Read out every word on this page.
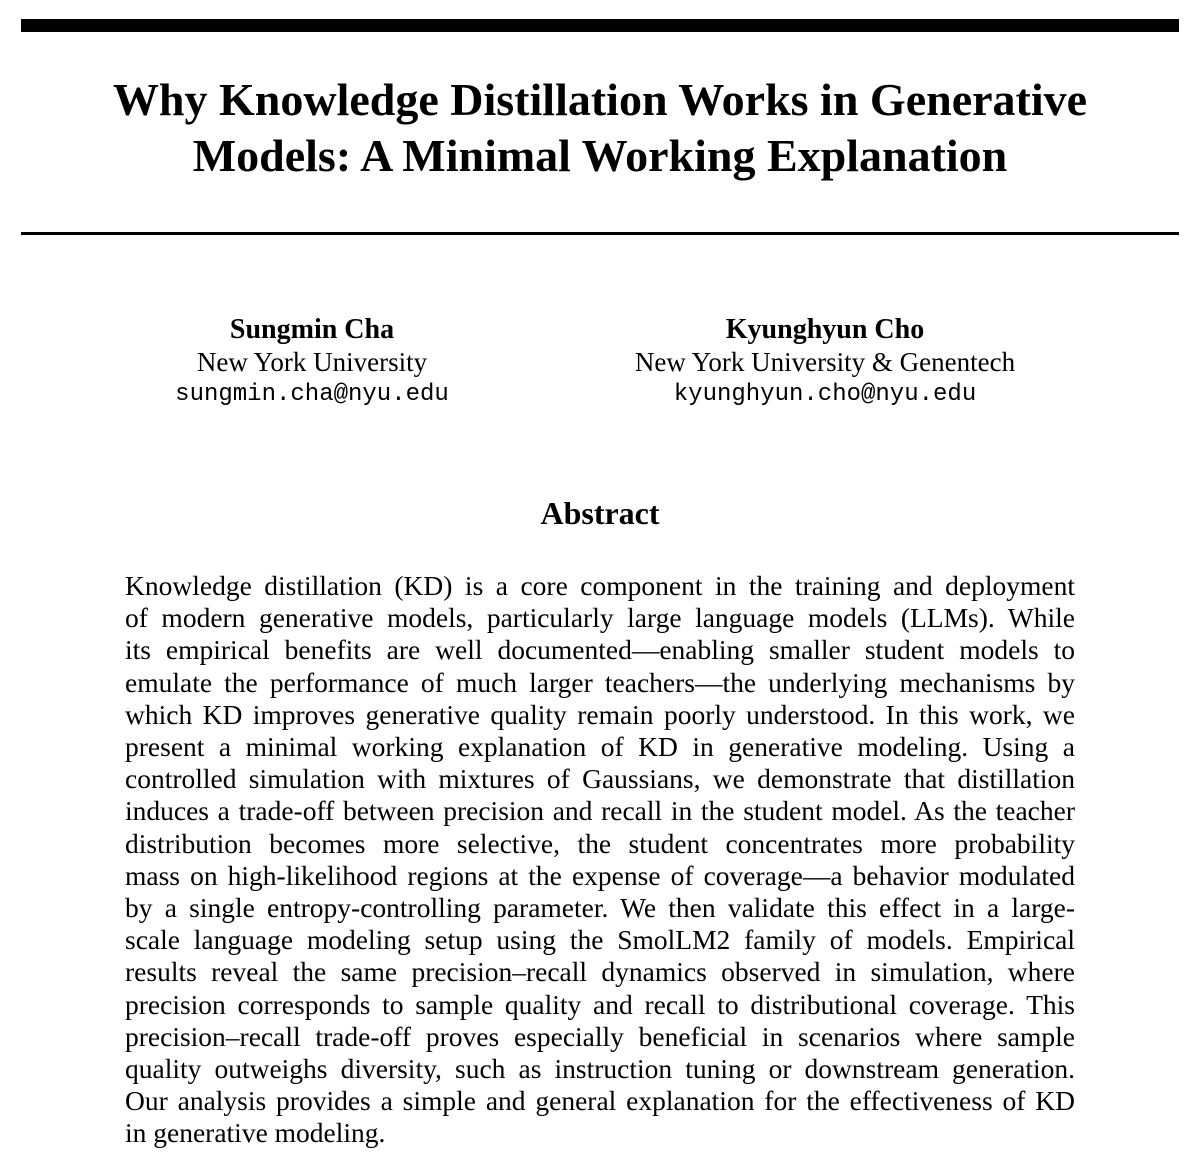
Why Knowledge Distillation Works in Generative
Models: A Minimal Working Explanation
Sungmin Cha
New York University
sungmin.cha@nyu.edu
Kyunghyun Cho
New York University & Genentech
kyunghyun.cho@nyu.edu
Abstract
Knowledge distillation (KD) is a core component in the training and deployment
of modern generative models, particularly large language models (LLMs). While
its empirical benefits are well documented—enabling smaller student models to
emulate the performance of much larger teachers—the underlying mechanisms by
which KD improves generative quality remain poorly understood. In this work, we
present a minimal working explanation of KD in generative modeling. Using a
controlled simulation with mixtures of Gaussians, we demonstrate that distillation
induces a trade-off between precision and recall in the student model. As the teacher
distribution becomes more selective, the student concentrates more probability
mass on high-likelihood regions at the expense of coverage—a behavior modulated
by a single entropy-controlling parameter. We then validate this effect in a large-
scale language modeling setup using the SmolLM2 family of models. Empirical
results reveal the same precision–recall dynamics observed in simulation, where
precision corresponds to sample quality and recall to distributional coverage. This
precision–recall trade-off proves especially beneficial in scenarios where sample
quality outweighs diversity, such as instruction tuning or downstream generation.
Our analysis provides a simple and general explanation for the effectiveness of KD
in generative modeling.
